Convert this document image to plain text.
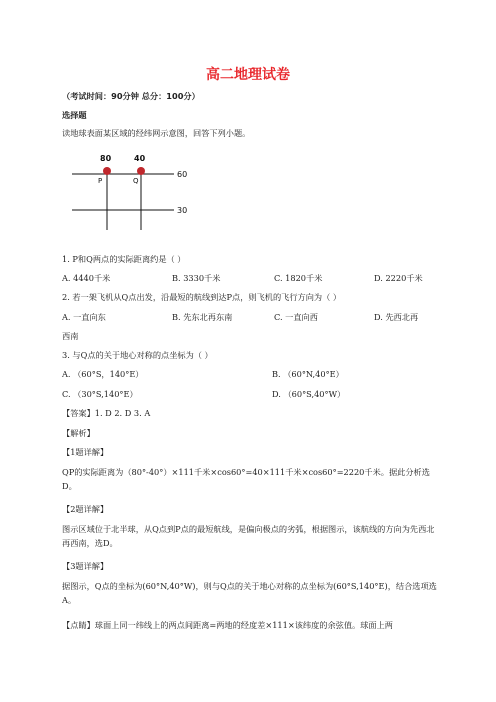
高二地理试卷
（考试时间：90分钟 总分：100分）
选择题
读地球表面某区域的经纬网示意图，回答下列小题。
80	40
60
30
P	Q
1. P和Q两点的实际距离约是（ ）
A. 4440千米	B. 3330千米	C. 1820千米	D. 2220千米
2. 若一架飞机从Q点出发，沿最短的航线到达P点，则飞机的飞行方向为（ ）
A. 一直向东	B. 先东北再东南	C. 一直向西	D. 先西北再
西南
3. 与Q点的关于地心对称的点坐标为（ ）
A. （60°S，140°E）	B. （60°N,40°E）
C. （30°S,140°E）	D. （60°S,40°W）
【答案】1. D 2. D 3. A
【解析】
【1题详解】
QP的实际距离为（80°-40°）×111千米×cos60°=40×111千米×cos60°=2220千米。据此分析选D。
【2题详解】
图示区域位于北半球，从Q点到P点的最短航线，是偏向极点的劣弧，根据图示，该航线的方向为先西北再西南，选D。
【3题详解】
据图示，Q点的坐标为(60°N,40°W)，则与Q点的关于地心对称的点坐标为(60°S,140°E)，结合选项选A。
【点睛】球面上同一纬线上的两点间距离=两地的经度差×111×该纬度的余弦值。球面上两
